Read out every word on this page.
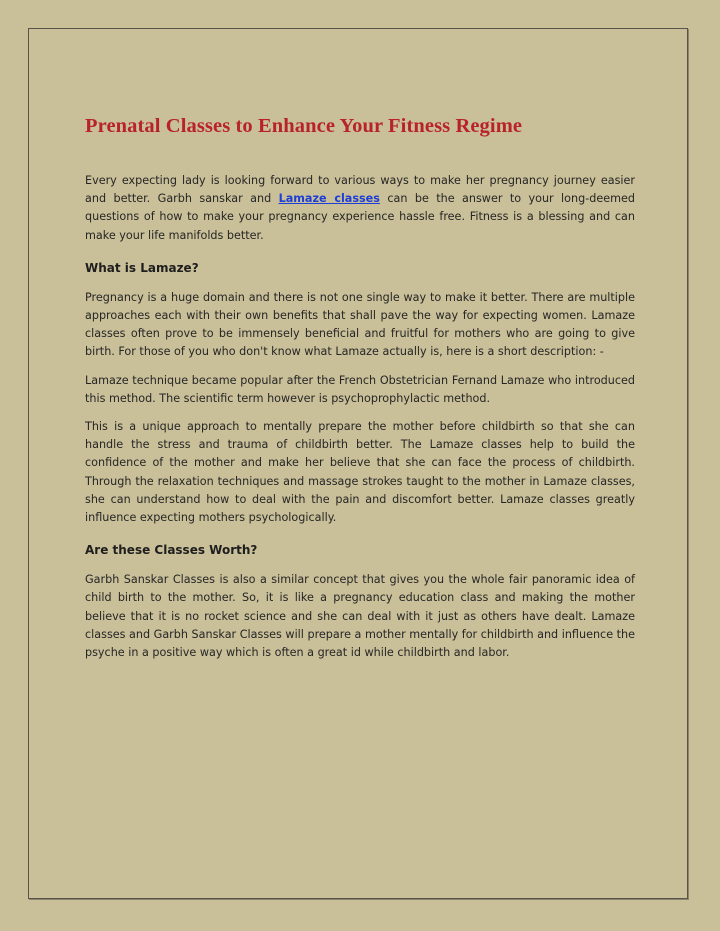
Prenatal Classes to Enhance Your Fitness Regime

Every expecting lady is looking forward to various ways to make her pregnancy journey easier and better. Garbh sanskar and Lamaze classes can be the answer to your long-deemed questions of how to make your pregnancy experience hassle free. Fitness is a blessing and can make your life manifolds better.

What is Lamaze?

Pregnancy is a huge domain and there is not one single way to make it better. There are multiple approaches each with their own benefits that shall pave the way for expecting women. Lamaze classes often prove to be immensely beneficial and fruitful for mothers who are going to give birth. For those of you who don't know what Lamaze actually is, here is a short description: -

Lamaze technique became popular after the French Obstetrician Fernand Lamaze who introduced this method. The scientific term however is psychoprophylactic method.

This is a unique approach to mentally prepare the mother before childbirth so that she can handle the stress and trauma of childbirth better. The Lamaze classes help to build the confidence of the mother and make her believe that she can face the process of childbirth. Through the relaxation techniques and massage strokes taught to the mother in Lamaze classes, she can understand how to deal with the pain and discomfort better. Lamaze classes greatly influence expecting mothers psychologically.

Are these Classes Worth?

Garbh Sanskar Classes is also a similar concept that gives you the whole fair panoramic idea of child birth to the mother. So, it is like a pregnancy education class and making the mother believe that it is no rocket science and she can deal with it just as others have dealt. Lamaze classes and Garbh Sanskar Classes will prepare a mother mentally for childbirth and influence the psyche in a positive way which is often a great id while childbirth and labor.
